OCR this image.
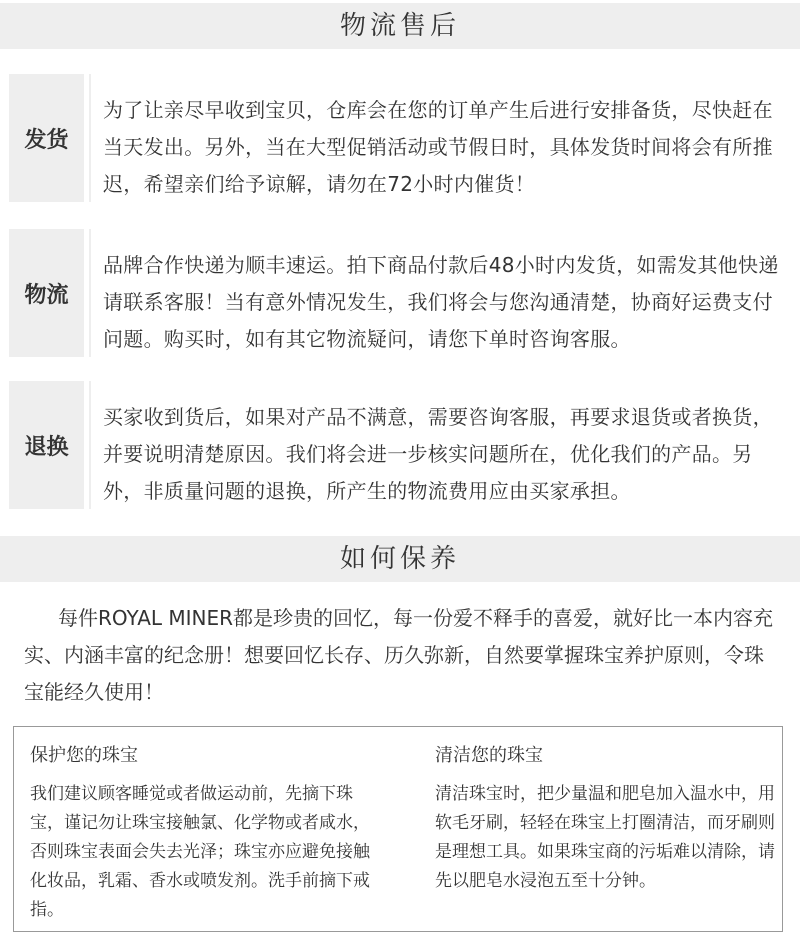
物流售后
发货
为了让亲尽早收到宝贝，仓库会在您的订单产生后进行安排备货，尽快赶在当天发出。另外，当在大型促销活动或节假日时，具体发货时间将会有所推迟，希望亲们给予谅解，请勿在72小时内催货！
物流
品牌合作快递为顺丰速运。拍下商品付款后48小时内发货，如需发其他快递请联系客服！当有意外情况发生，我们将会与您沟通清楚，协商好运费支付问题。购买时，如有其它物流疑问，请您下单时咨询客服。
退换
买家收到货后，如果对产品不满意，需要咨询客服，再要求退货或者换货，并要说明清楚原因。我们将会进一步核实问题所在，优化我们的产品。另外，非质量问题的退换，所产生的物流费用应由买家承担。
如何保养
每件ROYAL MINER都是珍贵的回忆，每一份爱不释手的喜爱，就好比一本内容充实、内涵丰富的纪念册！想要回忆长存、历久弥新，自然要掌握珠宝养护原则，令珠宝能经久使用！
保护您的珠宝

我们建议顾客睡觉或者做运动前，先摘下珠宝，谨记勿让珠宝接触氯、化学物或者咸水，否则珠宝表面会失去光泽；珠宝亦应避免接触化妆品，乳霜、香水或喷发剂。洗手前摘下戒指。

清洁您的珠宝

清洁珠宝时，把少量温和肥皂加入温水中，用软毛牙刷，轻轻在珠宝上打圈清洁，而牙刷则是理想工具。如果珠宝商的污垢难以清除，请先以肥皂水浸泡五至十分钟。
